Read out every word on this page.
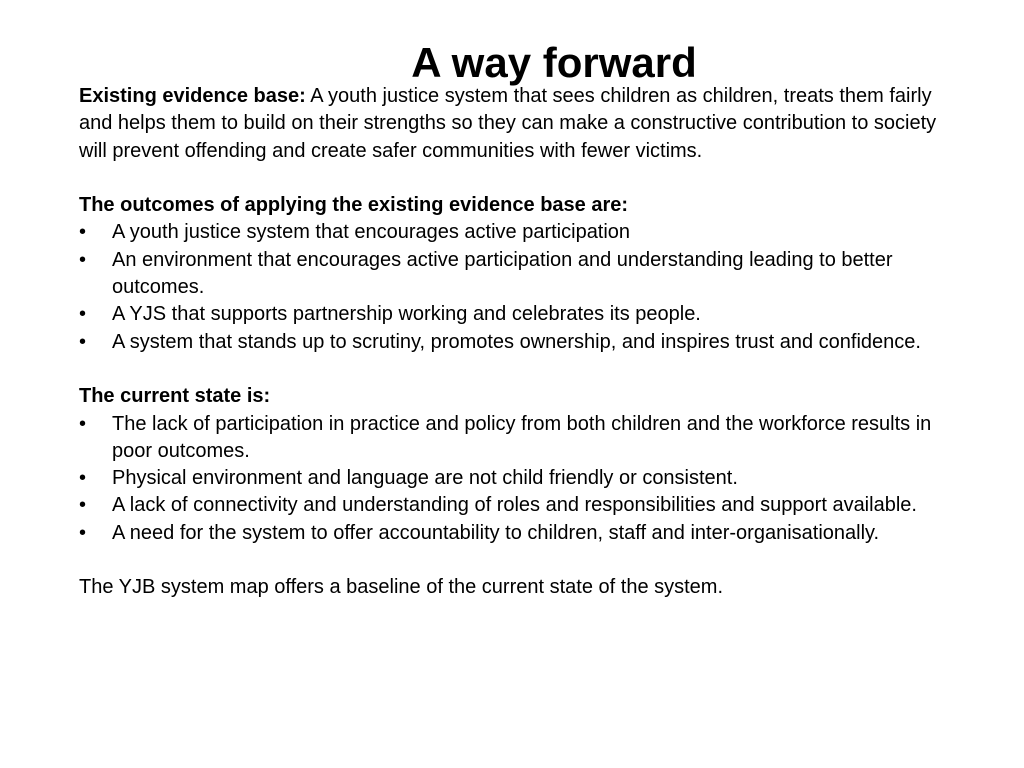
A way forward

Existing evidence base: A youth justice system that sees children as children, treats them fairly and helps them to build on their strengths so they can make a constructive contribution to society will prevent offending and create safer communities with fewer victims.

The outcomes of applying the existing evidence base are:

•	A youth justice system that encourages active participation
•	An environment that encourages active participation and understanding leading to better outcomes.
•	A YJS that supports partnership working and celebrates its people.
•	A system that stands up to scrutiny, promotes ownership, and inspires trust and confidence.

The current state is:

•	The lack of participation in practice and policy from both children and the workforce results in poor outcomes.
•	Physical environment and language are not child friendly or consistent.
•	A lack of connectivity and understanding of roles and responsibilities and support available.
•	A need for the system to offer accountability to children, staff and inter-organisationally.

The YJB system map offers a baseline of the current state of the system.
